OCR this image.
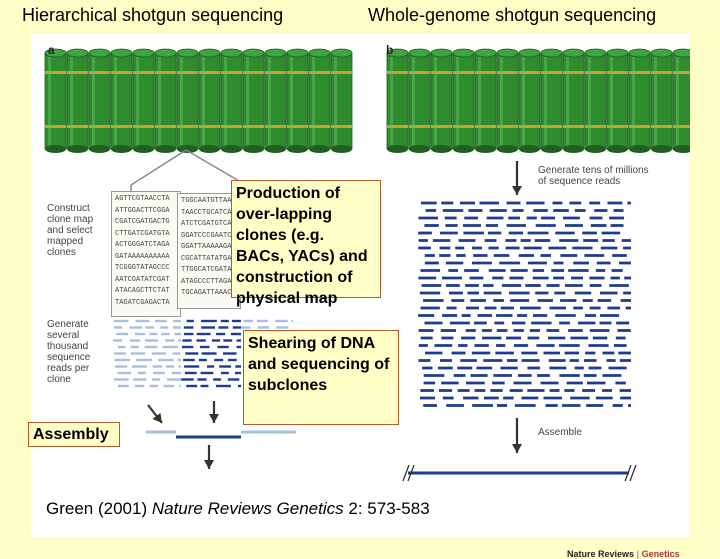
Hierarchical shotgun sequencing	Whole-genome shotgun sequencing
a	b
Construct
clone map
and select
mapped
clones
Generate
several
thousand
sequence
reads per
clone
Generate tens of millions
of sequence reads
Assemble
AGTTCGTAACCTA
ATTGGACTTCGGA
CGATCGATGACTG
CTTGATCGATGTA
ACTGGGATCTAGA
GATAAAAAAAAAA
TCGGGTATAGCCC
AATCGATATCGAT
ATACAGCTTCTAT
TAGATCGAGACTA
TGGCAATGTTAA
TAACCTGCATCA
ATCTCGATGTCA
GGATCCCGAATC
GGATTAAAAAGA
CGCATTATATGA
TTGGCATCGATA
ATAGCCCTTAGA
TGCAGATTAAAC
Nature Reviews | Genetics
Production of over-lapping clones (e.g. BACs, YACs) and construction of physical map
Shearing of DNA and sequencing of subclones
Assembly
Green (2001) Nature Reviews Genetics 2: 573-583
